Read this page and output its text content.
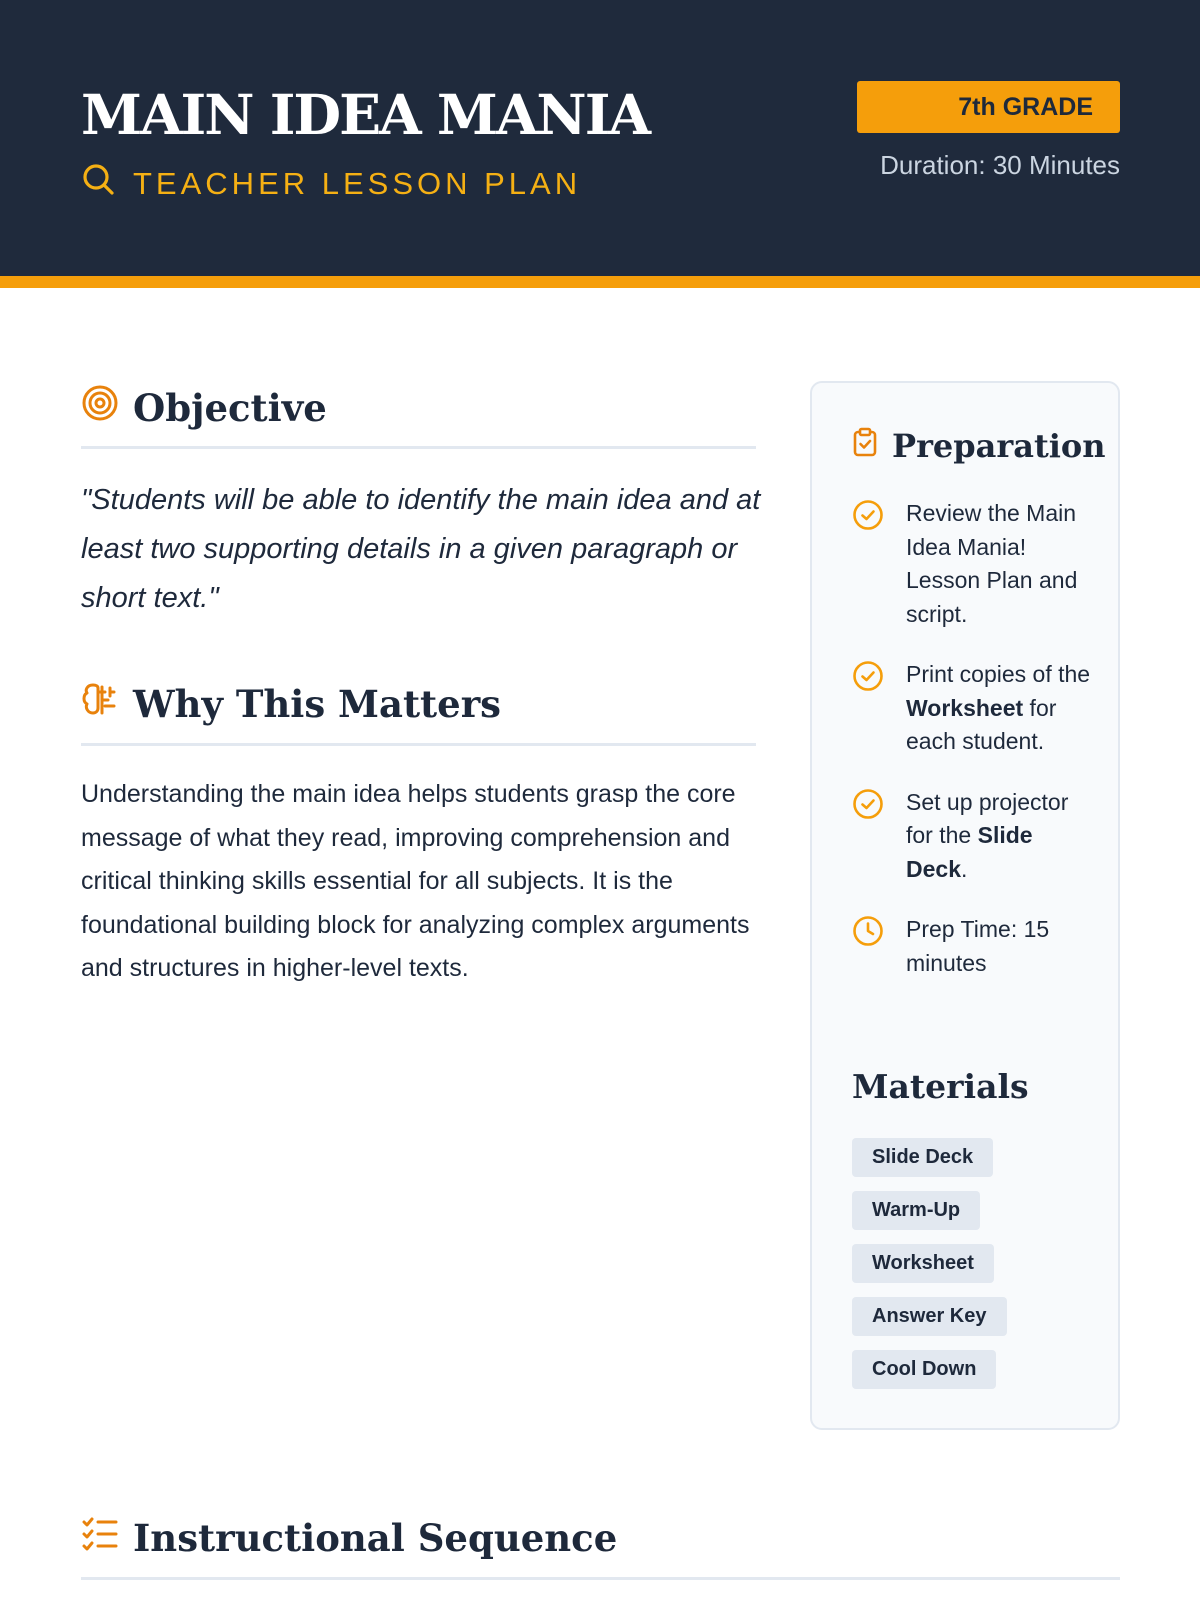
MAIN IDEA MANIA
TEACHER LESSON PLAN
7th GRADE
Duration: 30 Minutes
Objective

"Students will be able to identify the main idea and at least two supporting details in a given paragraph or short text."

Why This Matters

Understanding the main idea helps students grasp the core message of what they read, improving comprehension and critical thinking skills essential for all subjects. It is the foundational building block for analyzing complex arguments and structures in higher-level texts.

Preparation
Review the Main Idea Mania! Lesson Plan and script.
Print copies of the Worksheet for each student.
Set up projector for the Slide Deck.
Prep Time: 15 minutes
Materials
Slide Deck
Warm-Up
Worksheet
Answer Key
Cool Down
Instructional Sequence
